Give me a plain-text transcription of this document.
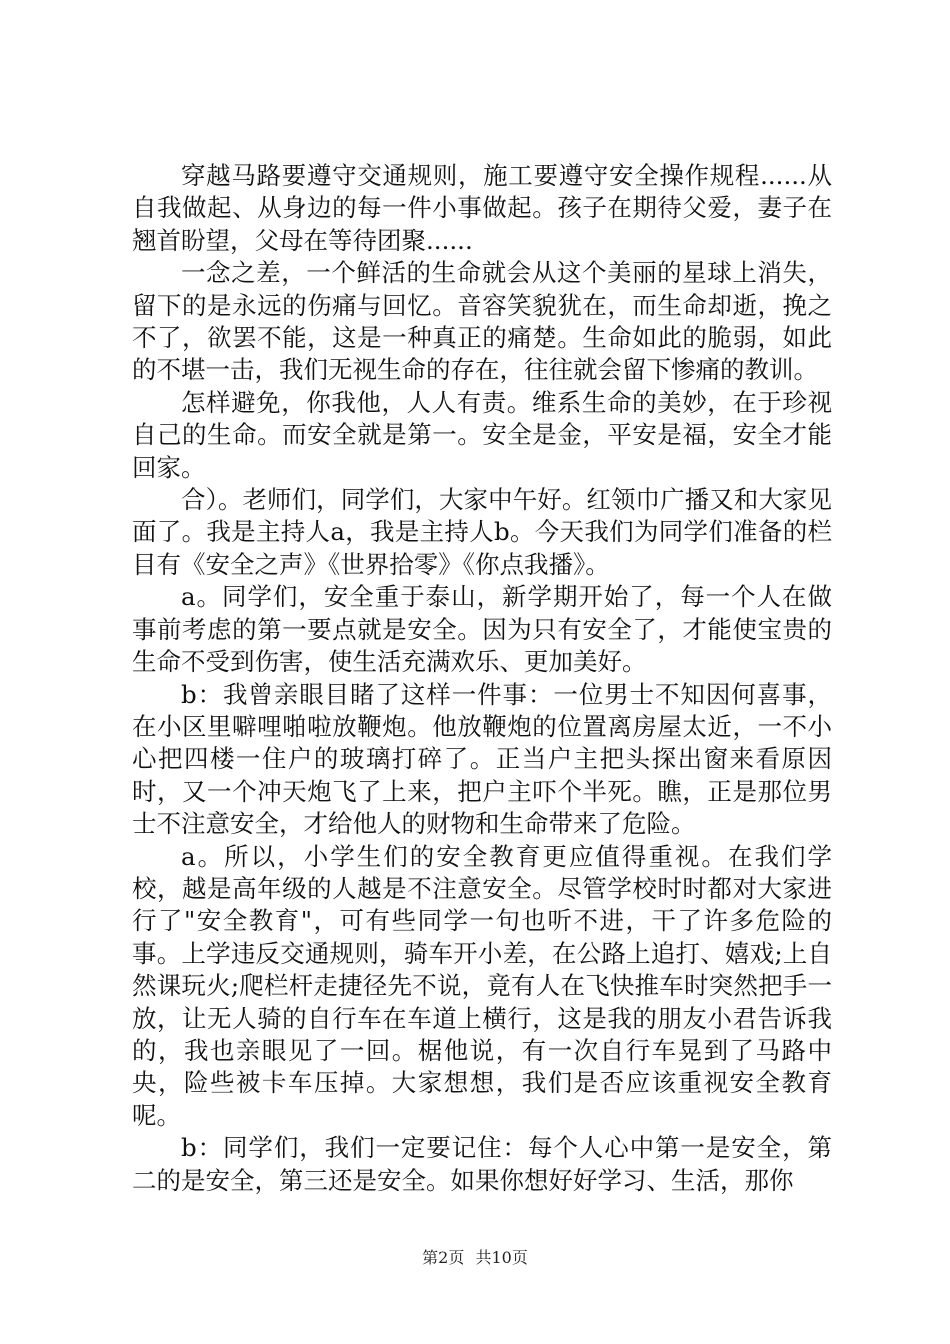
穿越马路要遵守交通规则，施工要遵守安全操作规程......从自我做起、从身边的每一件小事做起。孩子在期待父爱，妻子在翘首盼望，父母在等待团聚......

一念之差，一个鲜活的生命就会从这个美丽的星球上消失，留下的是永远的伤痛与回忆。音容笑貌犹在，而生命却逝，挽之不了，欲罢不能，这是一种真正的痛楚。生命如此的脆弱，如此的不堪一击，我们无视生命的存在，往往就会留下惨痛的教训。

怎样避免，你我他，人人有责。维系生命的美妙，在于珍视自己的生命。而安全就是第一。安全是金，平安是福，安全才能回家。

合）。老师们，同学们，大家中午好。红领巾广播又和大家见面了。我是主持人a，我是主持人b。今天我们为同学们准备的栏目有《安全之声》《世界拾零》《你点我播》。

a。同学们，安全重于泰山，新学期开始了，每一个人在做事前考虑的第一要点就是安全。因为只有安全了，才能使宝贵的生命不受到伤害，使生活充满欢乐、更加美好。

b：我曾亲眼目睹了这样一件事：一位男士不知因何喜事，在小区里噼哩啪啦放鞭炮。他放鞭炮的位置离房屋太近，一不小心把四楼一住户的玻璃打碎了。正当户主把头探出窗来看原因时，又一个冲天炮飞了上来，把户主吓个半死。瞧，正是那位男士不注意安全，才给他人的财物和生命带来了危险。

a。所以，小学生们的安全教育更应值得重视。在我们学校，越是高年级的人越是不注意安全。尽管学校时时都对大家进行了"安全教育"，可有些同学一句也听不进，干了许多危险的事。上学违反交通规则，骑车开小差，在公路上追打、嬉戏;上自然课玩火;爬栏杆走捷径先不说，竟有人在飞快推车时突然把手一放，让无人骑的自行车在车道上横行，这是我的朋友小君告诉我的，我也亲眼见了一回。椐他说，有一次自行车晃到了马路中央，险些被卡车压掉。大家想想，我们是否应该重视安全教育呢。

b：同学们，我们一定要记住：每个人心中第一是安全，第二的是安全，第三还是安全。如果你想好好学习、生活，那你

第2页 共10页
